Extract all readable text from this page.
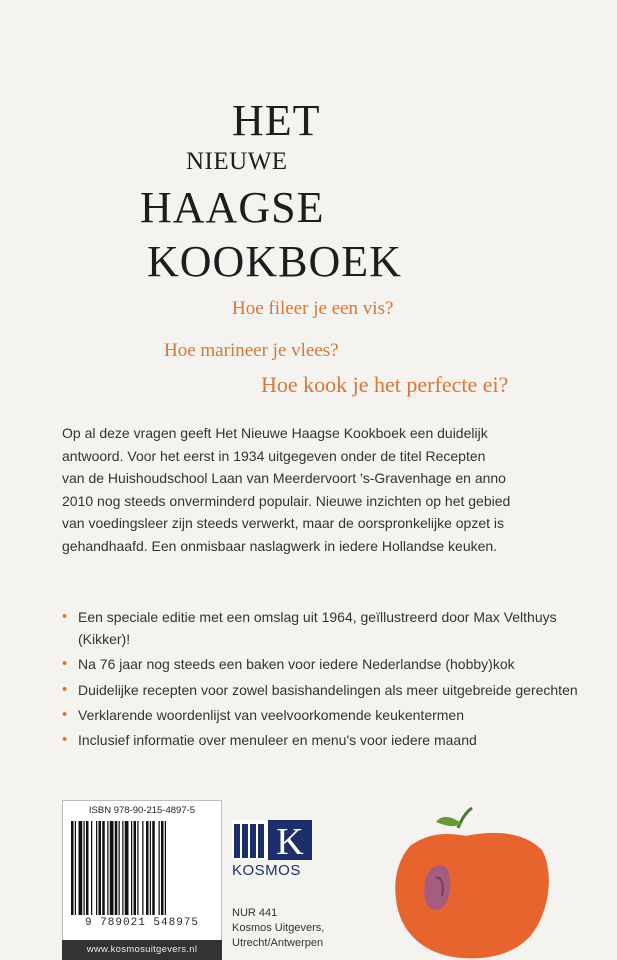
HET
NIEUWE
HAAGSE
KOOKBOEK
Hoe fileer je een vis?
Hoe marineer je vlees?
Hoe kook je het perfecte ei?
Op al deze vragen geeft Het Nieuwe Haagse Kookboek een duidelijk
antwoord. Voor het eerst in 1934 uitgegeven onder de titel Recepten
van de Huishoudschool Laan van Meerdervoort 's-Gravenhage en anno
2010 nog steeds onverminderd populair. Nieuwe inzichten op het gebied
van voedingsleer zijn steeds verwerkt, maar de oorspronkelijke opzet is
gehandhaafd. Een onmisbaar naslagwerk in iedere Hollandse keuken.
• Een speciale editie met een omslag uit 1964, geïllustreerd door Max Velthuys (Kikker)!
• Na 76 jaar nog steeds een baken voor iedere Nederlandse (hobby)kok
• Duidelijke recepten voor zowel basishandelingen als meer uitgebreide gerechten
• Verklarende woordenlijst van veelvoorkomende keukentermen
• Inclusief informatie over menuleer en menu's voor iedere maand
ISBN 978-90-215-4897-5
9 789021 548975
www.kosmosuitgevers.nl
K
KOSMOS
NUR 441
Kosmos Uitgevers,
Utrecht/Antwerpen
